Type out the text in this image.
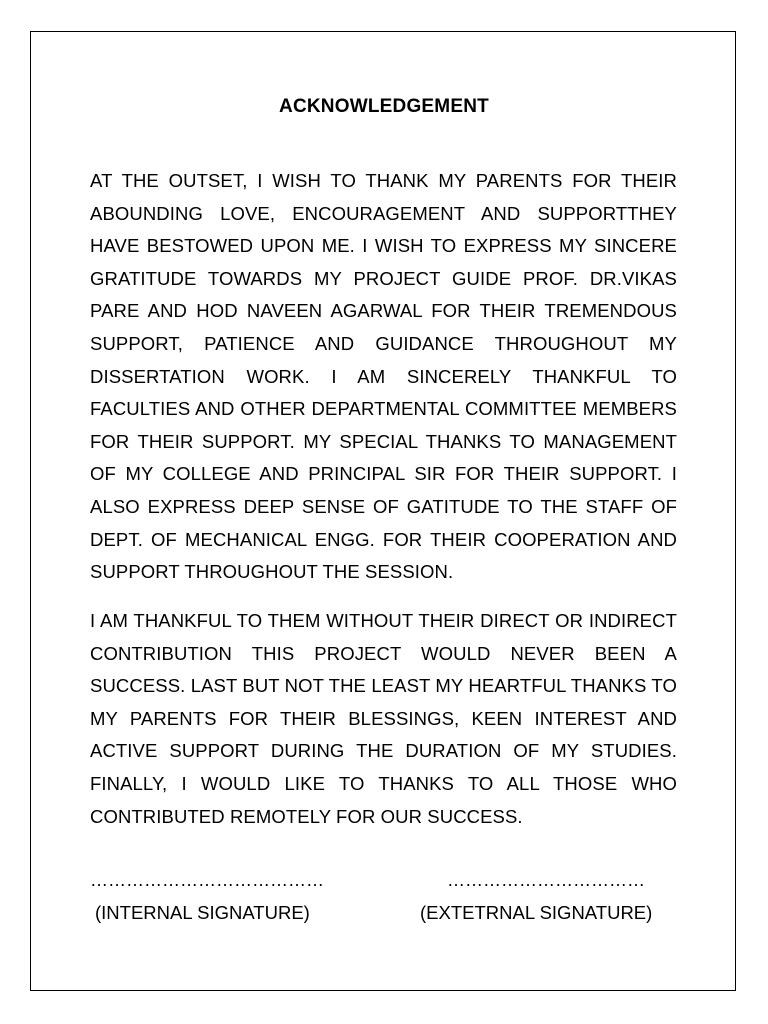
ACKNOWLEDGEMENT

AT THE OUTSET, I WISH TO THANK MY PARENTS FOR THEIR ABOUNDING LOVE, ENCOURAGEMENT AND SUPPORTTHEY HAVE BESTOWED UPON ME. I WISH TO EXPRESS MY SINCERE GRATITUDE TOWARDS MY PROJECT GUIDE PROF. DR.VIKAS PARE AND HOD NAVEEN AGARWAL FOR THEIR TREMENDOUS SUPPORT, PATIENCE AND GUIDANCE THROUGHOUT MY DISSERTATION WORK. I AM SINCERELY THANKFUL TO FACULTIES AND OTHER DEPARTMENTAL COMMITTEE MEMBERS FOR THEIR SUPPORT. MY SPECIAL THANKS TO MANAGEMENT OF MY COLLEGE AND PRINCIPAL SIR FOR THEIR SUPPORT. I ALSO EXPRESS DEEP SENSE OF GATITUDE TO THE STAFF OF DEPT. OF MECHANICAL ENGG. FOR THEIR COOPERATION AND SUPPORT THROUGHOUT THE SESSION.

I AM THANKFUL TO THEM WITHOUT THEIR DIRECT OR INDIRECT CONTRIBUTION THIS PROJECT WOULD NEVER BEEN A SUCCESS. LAST BUT NOT THE LEAST MY HEARTFUL THANKS TO MY PARENTS FOR THEIR BLESSINGS, KEEN INTEREST AND ACTIVE SUPPORT DURING THE DURATION OF MY STUDIES. FINALLY, I WOULD LIKE TO THANKS TO ALL THOSE WHO CONTRIBUTED REMOTELY FOR OUR SUCCESS.

…………………………………	……………………………
(INTERNAL SIGNATURE)	(EXTETRNAL SIGNATURE)
